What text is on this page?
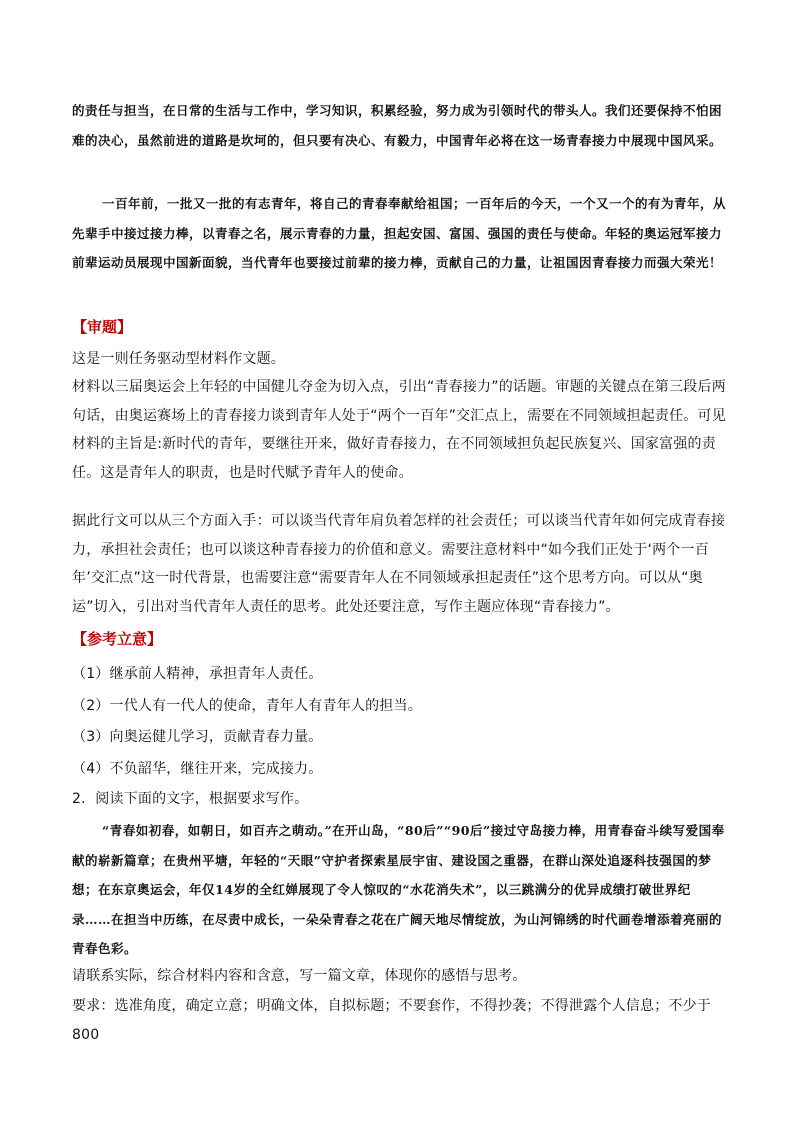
的责任与担当，在日常的生活与工作中，学习知识，积累经验，努力成为引领时代的带头人。我们还要保持不怕困难的决心，虽然前进的道路是坎坷的，但只要有决心、有毅力，中国青年必将在这一场青春接力中展现中国风采。

一百年前，一批又一批的有志青年，将自己的青春奉献给祖国；一百年后的今天，一个又一个的有为青年，从先辈手中接过接力棒，以青春之名，展示青春的力量，担起安国、富国、强国的责任与使命。年轻的奥运冠军接力前辈运动员展现中国新面貌，当代青年也要接过前辈的接力棒，贡献自己的力量，让祖国因青春接力而强大荣光！

【审题】

这是一则任务驱动型材料作文题。

材料以三届奥运会上年轻的中国健儿夺金为切入点，引出“青春接力”的话题。审题的关键点在第三段后两句话，由奥运赛场上的青春接力谈到青年人处于“两个一百年”交汇点上，需要在不同领域担起责任。可见材料的主旨是:新时代的青年，要继往开来，做好青春接力，在不同领域担负起民族复兴、国家富强的责任。这是青年人的职责，也是时代赋予青年人的使命。

据此行文可以从三个方面入手：可以谈当代青年肩负着怎样的社会责任；可以谈当代青年如何完成青春接力，承担社会责任；也可以谈这种青春接力的价值和意义。需要注意材料中“如今我们正处于‘两个一百年’交汇点”这一时代背景，也需要注意“需要青年人在不同领域承担起责任”这个思考方向。可以从“奥运”切入，引出对当代青年人责任的思考。此处还要注意，写作主题应体现“青春接力”。

【参考立意】
（1）继承前人精神，承担青年人责任。
（2）一代人有一代人的使命，青年人有青年人的担当。
（3）向奥运健儿学习，贡献青春力量。
（4）不负韶华，继往开来，完成接力。

2．阅读下面的文字，根据要求写作。

“青春如初春，如朝日，如百卉之萌动。”在开山岛，“80后”“90后”接过守岛接力棒，用青春奋斗续写爱国奉献的崭新篇章；在贵州平塘，年轻的“天眼”守护者探索星辰宇宙、建设国之重器，在群山深处追逐科技强国的梦想；在东京奥运会，年仅14岁的全红婵展现了令人惊叹的“水花消失术”，以三跳满分的优异成绩打破世界纪录……在担当中历练，在尽责中成长，一朵朵青春之花在广阔天地尽情绽放，为山河锦绣的时代画卷增添着亮丽的青春色彩。

请联系实际，综合材料内容和含意，写一篇文章，体现你的感悟与思考。

要求：选准角度，确定立意；明确文体，自拟标题；不要套作，不得抄袭；不得泄露个人信息；不少于 800
